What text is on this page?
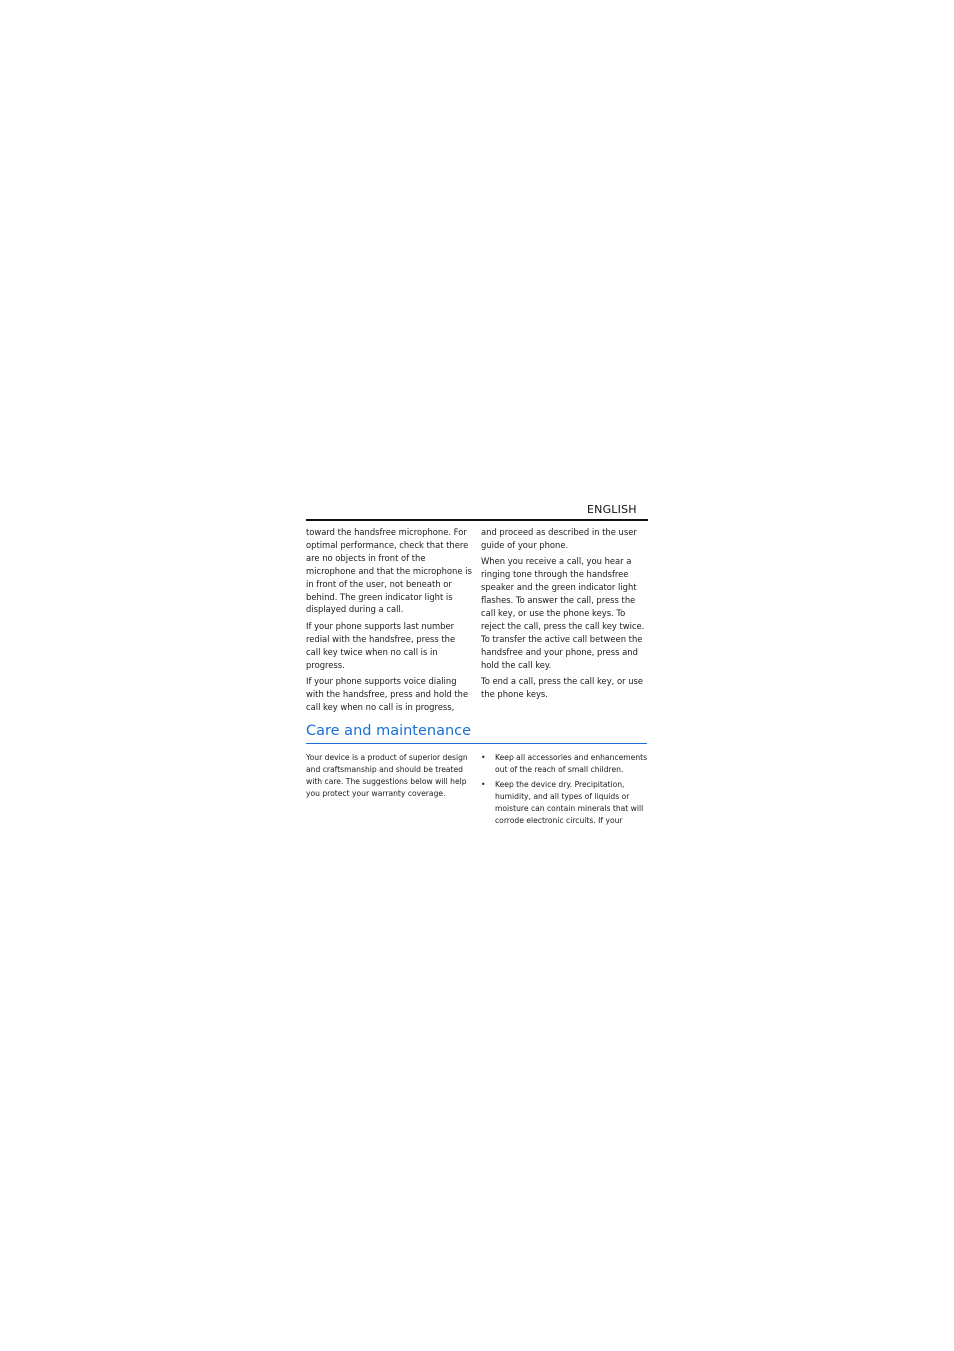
ENGLISH

toward the handsfree microphone. For optimal performance, check that there are no objects in front of the microphone and that the microphone is in front of the user, not beneath or behind. The green indicator light is displayed during a call.

If your phone supports last number redial with the handsfree, press the call key twice when no call is in progress.

If your phone supports voice dialing with the handsfree, press and hold the call key when no call is in progress,

and proceed as described in the user guide of your phone.

When you receive a call, you hear a ringing tone through the handsfree speaker and the green indicator light flashes. To answer the call, press the call key, or use the phone keys. To reject the call, press the call key twice. To transfer the active call between the handsfree and your phone, press and hold the call key.

To end a call, press the call key, or use the phone keys.

Care and maintenance
Your device is a product of superior design and craftsmanship and should be treated with care. The suggestions below will help you protect your warranty coverage.
• Keep all accessories and enhancements out of the reach of small children.
• Keep the device dry. Precipitation, humidity, and all types of liquids or moisture can contain minerals that will corrode electronic circuits. If your
